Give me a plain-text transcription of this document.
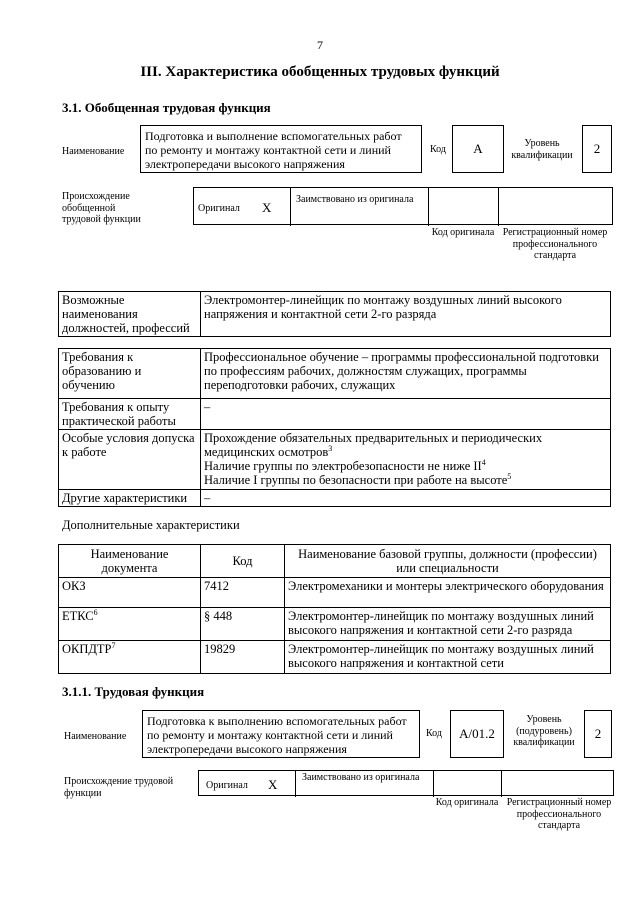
7
III. Характеристика обобщенных трудовых функций
3.1. Обобщенная трудовая функция
Наименование
Подготовка и выполнение вспомогательных работ по ремонту и монтажу контактной сети и линий электропередачи высокого напряжения
Код	A	Уровень квалификации	2
Происхождение обобщенной трудовой функции
Оригинал X
Заимствовано из оригинала
Код оригинала Регистрационный номер профессионального стандарта
Возможные наименования должностей, профессий	Электромонтер-линейщик по монтажу воздушных линий высокого напряжения и контактной сети 2-го разряда
Требования к образованию и обучению	Профессиональное обучение – программы профессиональной подготовки по профессиям рабочих, должностям служащих, программы переподготовки рабочих, служащих
Требования к опыту практической работы	–
Особые условия допуска к работе	Прохождение обязательных предварительных и периодических медицинских осмотров$^3$
Наличие группы по электробезопасности не ниже $II^4$
Наличие I группы по безопасности при работе на высоте$^5$

Другие характеристики	–
Дополнительные характеристики
Наименование документа	Код	Наименование базовой группы, должности (профессии) или специальности
ОКЗ	7412	Электромеханики и монтеры электрического оборудования
ЕТКС$^6$	§ 448	Электромонтер-линейщик по монтажу воздушных линий высокого напряжения и контактной сети 2-го разряда
ОКПДТР$^7$	19829	Электромонтер-линейщик по монтажу воздушных линий высокого напряжения и контактной сети
3.1.1. Трудовая функция
Наименование
Подготовка к выполнению вспомогательных работ по ремонту и монтажу контактной сети и линий электропередачи высокого напряжения
Код	A/01.2
Уровень (подуровень) квалификации
2
Происхождение трудовой функции
Оригинал X Заимствовано из оригинала
Код оригинала Регистрационный номер профессионального стандарта
